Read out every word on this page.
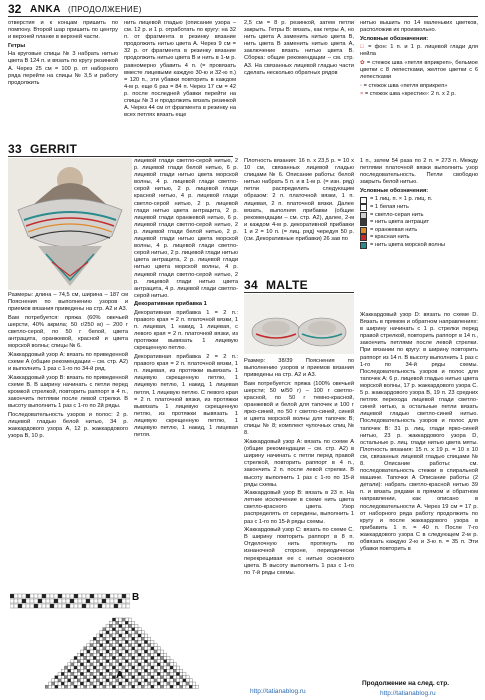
32 ANKA (ПРОДОЛЖЕНИЕ)

отверстия и к концам пришить по помпону. Второй шар пришить по центру и верхней планке в верхней части.

Гетры

На круговые спицы № 3 набрать нитью цвета В 124 п. и вязать по кругу резинкой А. Через 25 см = 100 р. от наборного ряда перейти на спицы № 3,5 и работу продолжить

нить лицевой гладью (описание узора – см. 12 р. и 1 р. отработать по кругу: на 32 п. от фрагмента в резинку вязание продолжить нитью цвета A. Через 9 см = 32 р. от фрагмента в резинку вязание продолжить нитью цвета B и нить в 1-м р. равномерно убавить 4 п. (= провязать вместе лицевыми каждую 30-ю и 32-ю п.) = 120 п., эти убавки повторить в каждом 4-м р. еще 6 раз = 84 п. Через 17 см = 42 р. после последней убавки перейти на спицы № 3 и продолжить вязать резинкой А. Через 44 см от фрагмента в резинку на всех петлях вязать еще

2,5 см = 8 р. резинкой, затем петли закрыть. Гетры В: вязать, как гетры А, но нить цвета A заменить нитью цвета B, нить цвета В заменить нитью цвета А, заключение вязать нитью цвета B. Сборка: общие рекомендации – см. стр. А3. На связанных лицевой гладью части сделать несколько обратных рядов

нитью вышить по 14 маленьких цветков, расположив их произвольно.

Условные обозначения:

□ = фон: 1 п. и 1 р. лицевой глади для нейла

✿ = стежок шва «петля вприкреп», бельмое цветки с 8 лепестками, желтое цветки с 6 лепестками

◦ = стежок шва «петля вприкреп»

× = стежок шва «крестик»: 2 п. х 2 р.

33 GERRIT

Размеры: длина – 74,5 см, ширина – 187 см Пояснения по выполнению узоров и приемов вязания приведены на стр. А2 и А3.

Вам потребуется: пряжа (60% овечьей шерсти, 40% акрила; 50 г/250 м) – 200 г светло-серой, по 50 г белой, цвета антрацита, оранжевой, красной и цвета морской волны; спицы № 6.

Жаккардовый узор А: вязать по приведенной схеме А (общие рекомендации – см. стр. А2) и выполнить 1 раз с 1-го по 34-й ряд.

Жаккардовый узор В: вязать по приведенной схеме В. В ширину начинать с петли перед кромкой стрелкой, повторить раппорт в 4 п., закончить петлями после левой стрелки. В высоту выполнить 1 раз с 1-го по 2й ряды.

Последовательность узоров и полос: 2 р. лицевой гладью белой нитью, 34 р. жаккардового узора А, 12 р. жаккардового узора B, 10 р.

лицевой глади светло-серой нитью, 2 р. лицевой глади белой нитью, 6 р. лицевой глади нитью цвета морской волны, 4 р. лицевой глади светло-серой нитью, 2 р. лицевой глади красной нитью, 4 р. лицевой глади светло-серой нитью, 2 р. лицевой глади нитью цвета антрацита, 2 р. лицевой глади оранжевой нитью, 6 р. лицевой глади светло-серой нитью, 2 р. лицевой глади белой нитью, 2 р. лицевой глади нитью цвета морской волны, 4 р. лицевой глади светло-серой нитью, 2 р. лицевой глади нитью цвета антрацита, 2 р. лицевой глади нитью цвета морской волны, 4 р. лицевой глади светло-серой нитью, 2 р. лицевой глади нитью цвета антрацита, 4 р. лицевой глади светло-серой нитью.

Декоративная прибавка 1

Декоративная прибавка 1 = 2 п.: правого края = 2 п. платочной вязки, 1 п. лицевая, 1 накид, 1 лицевая, с левого края = 2 п. платочной вязки, из протяжки вывязать 1 лицевую скрещенную петлю.

Декоративная прибавка 2 = 2 п.: правого края = 2 п. платочной вязки, 1 п. лицевая, из протяжки вывязать 1 лицевую скрещенную петлю, 1 лицевую петлю, 1 накид, 1 лицевая петля, 1 лицевую петлю. С левого края = 2 п. платочной вязки, из протяжки вывязать 1 лицевую скрещенную петлю, из протяжки вывязать 1 лицевую скрещенную петлю, 1 лицевую петлю, 1 накид, 1 лицевая петля.

Плотность вязания: 16 п. x 23,5 р. = 10 x 10 см, связанных лицевой гладью спицами № 6. Описание работы: белой нитью набрать 5 п. и в 1-м р. (= изн. ряд) петли распределить следующим образом: 2 п. платочной вязки, 1 п. лицевая, 2 п. платочной вязки. Далее вязать, выполняя прибавки (общие рекомендации – см. стр. А2), далее, 2-м и каждом 4-м р. декоративной прибавки 1 и 2 = 10 п. (= лиц. ряд) чередуя 50 р. (см. Декоративные прибавки) 26 зав по

1 п., затем 54 раза по 2 п. = 273 п. Между петлями платочной вязки выполнить узор последовательность. Петли свободно закрыть белой нитью.

Условные обозначения:

= 1 лиц. п. × 1 р. лиц. п.
= 1 белая нить
= светло-серая нить
= нить цвета антрацит
= оранжевая нить
= красная нить
= нить цвета морской волны
34 MALTE

Размер: 38/39 Пояснения по выполнению узоров и приемов вязания приведены на стр. А2 и А3.

Вам потребуется: пряжа (100% овечьей шерсти; 50 м/50 г) – 100 г светло-красной, по 50 г темно-красной, оранжевой и белой для тапочек и 100 г ярко-синей, по 50 г светло-синей, синей и цвета морской волны для тапочек В; спицы № 8; комплект чулочных спиц № 8.

Жаккардовый узор А: вязать по схеме А (общие рекомендации – см. стр. А2) в ширину начинать с петли перед правой стрелкой, повторить раппорт в 4 п., закончить 2 п. после левой стрелки. В высоту выполнить 1 раз с 1-го по 15-й ряды схемы.

Жаккардовый узор В: вязать в 23 п. На летние исключение в схеме нить цвета светло-красного цвета. Узор распределять от середины, выполнить 1 раз с 1-го по 15-й ряды схемы.

Жаккардовый узор С: вязать по схеме С. В ширину повторить раппорт в 8 п. Отделочную нить протянуть по изнаночной стороне, периодически перекрещивая ее с нитью основного цвета. В высоту выполнить 1 раз с 1-го по 7-й ряды схемы.

Жаккардовый узор D: вязать по схеме D. Вязать в прямом и обратном направлениях: в ширину начинать с 1 р. стрелки перед правой стрелкой, повторить раппорт в 14 п., закончить петлями после левой стрелки. При вязании по кругу: в ширину повторить раппорт из 14 п. В высоту выполнить 1 раз с 1-го по 34-й ряды схемы. Последовательность узоров и полос для тапочек А: 6 р. лицевой гладью нитью цвета морской волны, 17 р. жаккардового узора С. 5 р. жаккардового узора В, 19 п. 23 средних петлях перехода лицевой глади светло-синей нитью, а остальные петли вязать лицевой гладью светло-синей нитью. Последовательность узоров и полос для тапочек B: 31 р. лиц. глади ярко-синей нитью, 23 р. жаккардового узора D, остальные р. лиц. глади нитью цвета мяты. Плотность вязания: 15 п. x 19 р. = 10 x 10 см, связанных лицевой гладью спицами № 8. Описание работы: см. последовательность стежки в спиральной машине. Тапочки А Описание работы (2 детали): набрать светло-красной нитью 39 п. и вязать рядами в прямом и обратном направлении, как описано в последовательности А. Через 19 см = 17 р. от наборного ряда работу продолжить по кругу и после жаккардового узора в прибавить 1 п. = 40 п. После 7-го жаккардового узора С в следующем 2-м р. обвязать каждую 2-ю и 3-ю п. = 35 п. Эти убавки повторить в

B
A
http://tatianablog.ru
Продолжение на след. стр.
http://tatianablog.ru
